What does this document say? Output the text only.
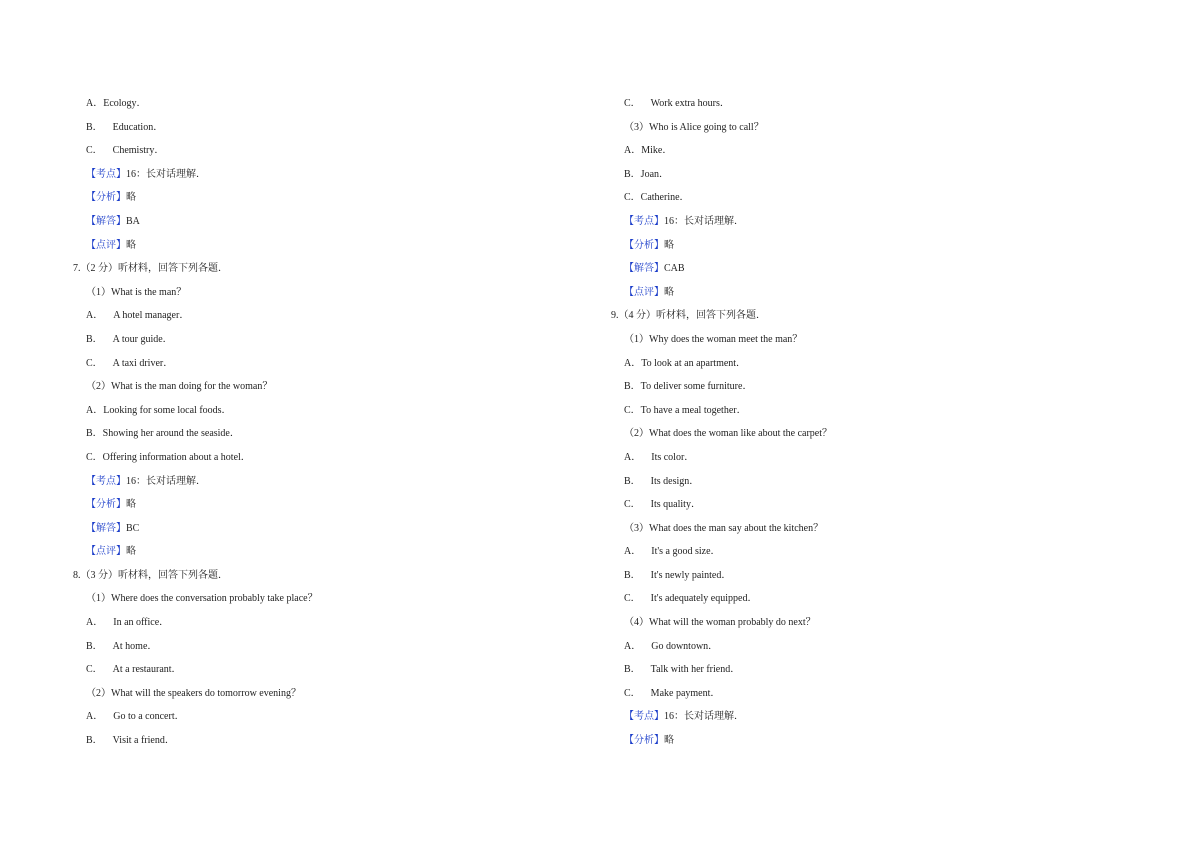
A．Ecology．
B． Education．
C． Chemistry．
【考点】16：长对话理解．
【分析】略
【解答】BA
【点评】略
7.（2 分）听材料，回答下列各题．
（1）What is the man？
A． A hotel manager．
B． A tour guide．
C． A taxi driver．
（2）What is the man doing for the woman？
A．Looking for some local foods．
B．Showing her around the seaside．
C．Offering information about a hotel．
【考点】16：长对话理解．
【分析】略
【解答】BC
【点评】略
8.（3 分）听材料，回答下列各题．
（1）Where does the conversation probably take place？
A． In an office．
B． At home．
C． At a restaurant．
（2）What will the speakers do tomorrow evening？
A． Go to a concert．
B． Visit a friend．
C． Work extra hours．
（3）Who is Alice going to call？
A．Mike．
B．Joan．
C．Catherine．
【考点】16：长对话理解．
【分析】略
【解答】CAB
【点评】略
9.（4 分）听材料，回答下列各题．
（1）Why does the woman meet the man？
A．To look at an apartment．
B．To deliver some furniture．
C．To have a meal together．
（2）What does the woman like about the carpet？
A． Its color．
B． Its design．
C． Its quality．
（3）What does the man say about the kitchen？
A． It's a good size．
B． It's newly painted．
C． It's adequately equipped．
（4）What will the woman probably do next？
A． Go downtown．
B． Talk with her friend．
C． Make payment．
【考点】16：长对话理解．
【分析】略
